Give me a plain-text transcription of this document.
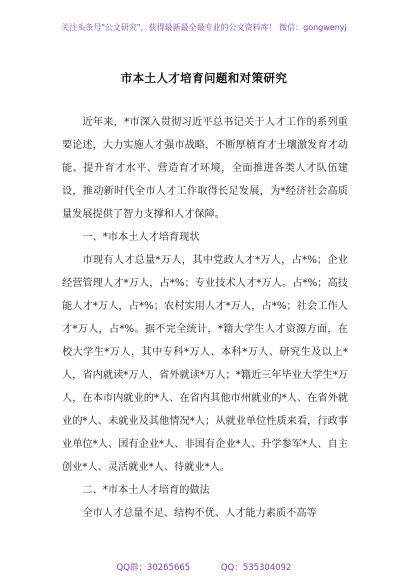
关注头条号"公文研究"，获得最新最全最专业的公文资料库！ 微信：gongwenyj
市本土人才培育问题和对策研究

近年来，*市深入贯彻习近平总书记关于人才工作的系列重要论述，大力实施人才强市战略，不断厚植育才土壤激发育才动能、提升育才水平、营造育才环境，全面推进各类人才队伍建设，推动新时代全市人才工作取得长足发展，为*经济社会高质量发展提供了智力支撑和人才保障。

一、*市本土人才培育现状

市现有人才总量*万人，其中党政人才*万人，占*%；企业经营管理人才*万人，占*%；专业技术人才*万人。占*%；高技能人才*万人，占*%；农村实用人才*万人，占*%；社会工作人才*万人，占*%。据不完全统计，*籍大学生人才资源方面，在校大学生*万人，其中专科*万人、本科*万人、研究生及以上*人，省内就读*万人，省外就读*万人；*籍近三年毕业大学生*万人，在本市内就业的*人、在省内其他市州就业的*人、在省外就业的*人、未就业及其他情况*人；从就业单位性质来看，行政事业单位*人、国有企业*人、非国有企业*人、升学参军*人、自主创业*人、灵活就业*人、待就业*人。

二、*市本土人才培育的做法

全市人才总量不足、结构不优、人才能力素质不高等

QQ群：30265665	QQ：535304092
